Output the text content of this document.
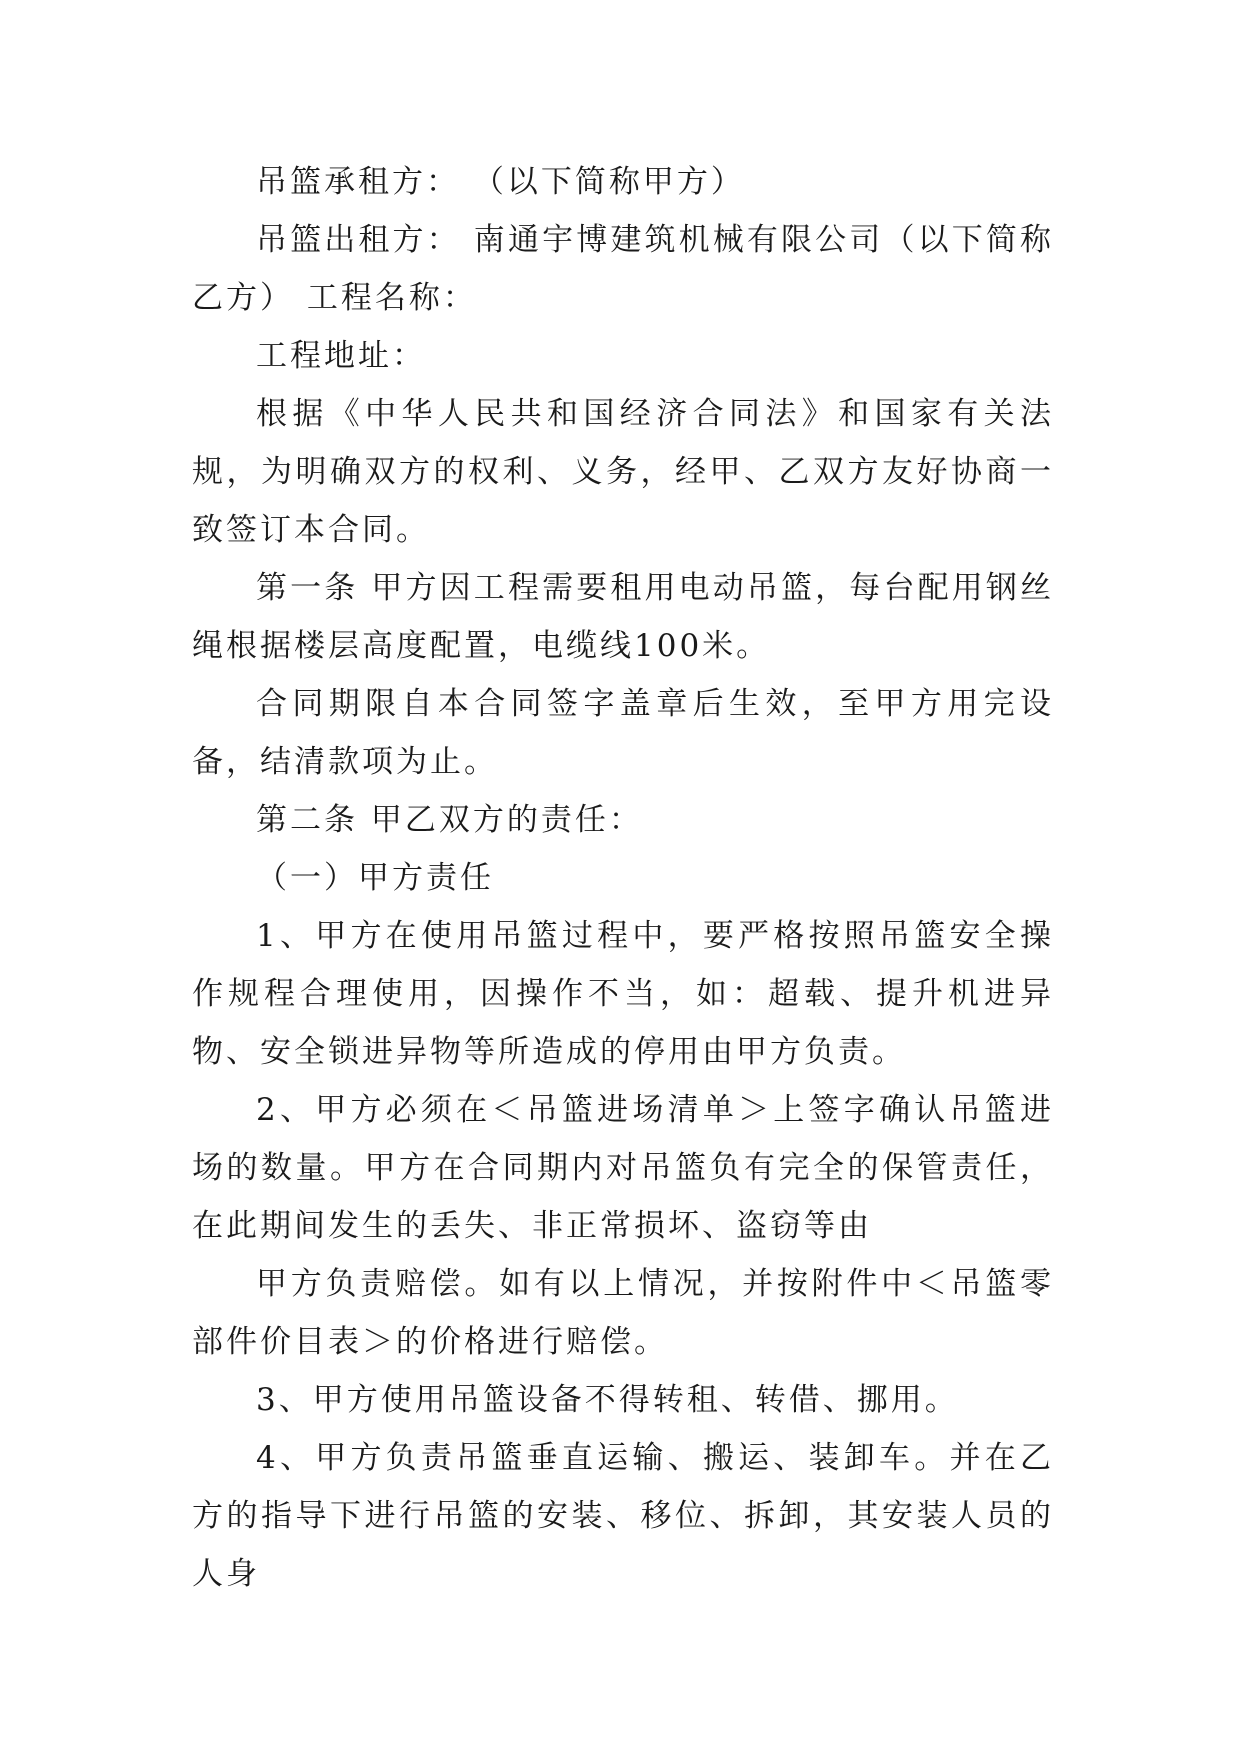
吊篮承租方： （以下简称甲方）

吊篮出租方： 南通宇博建筑机械有限公司（以下简称乙方） 工程名称：

工程地址：

根据《中华人民共和国经济合同法》和国家有关法规，为明确双方的权利、义务，经甲、乙双方友好协商一致签订本合同。

第一条 甲方因工程需要租用电动吊篮，每台配用钢丝绳根据楼层高度配置，电缆线100米。

合同期限自本合同签字盖章后生效，至甲方用完设备，结清款项为止。

第二条 甲乙双方的责任：

（一）甲方责任

1、甲方在使用吊篮过程中，要严格按照吊篮安全操作规程合理使用，因操作不当，如：超载、提升机进异物、安全锁进异物等所造成的停用由甲方负责。

2、甲方必须在＜吊篮进场清单＞上签字确认吊篮进场的数量。甲方在合同期内对吊篮负有完全的保管责任，在此期间发生的丢失、非正常损坏、盗窃等由

甲方负责赔偿。如有以上情况，并按附件中＜吊篮零部件价目表＞的价格进行赔偿。

3、甲方使用吊篮设备不得转租、转借、挪用。

4、甲方负责吊篮垂直运输、搬运、装卸车。并在乙方的指导下进行吊篮的安装、移位、拆卸，其安装人员的人身
